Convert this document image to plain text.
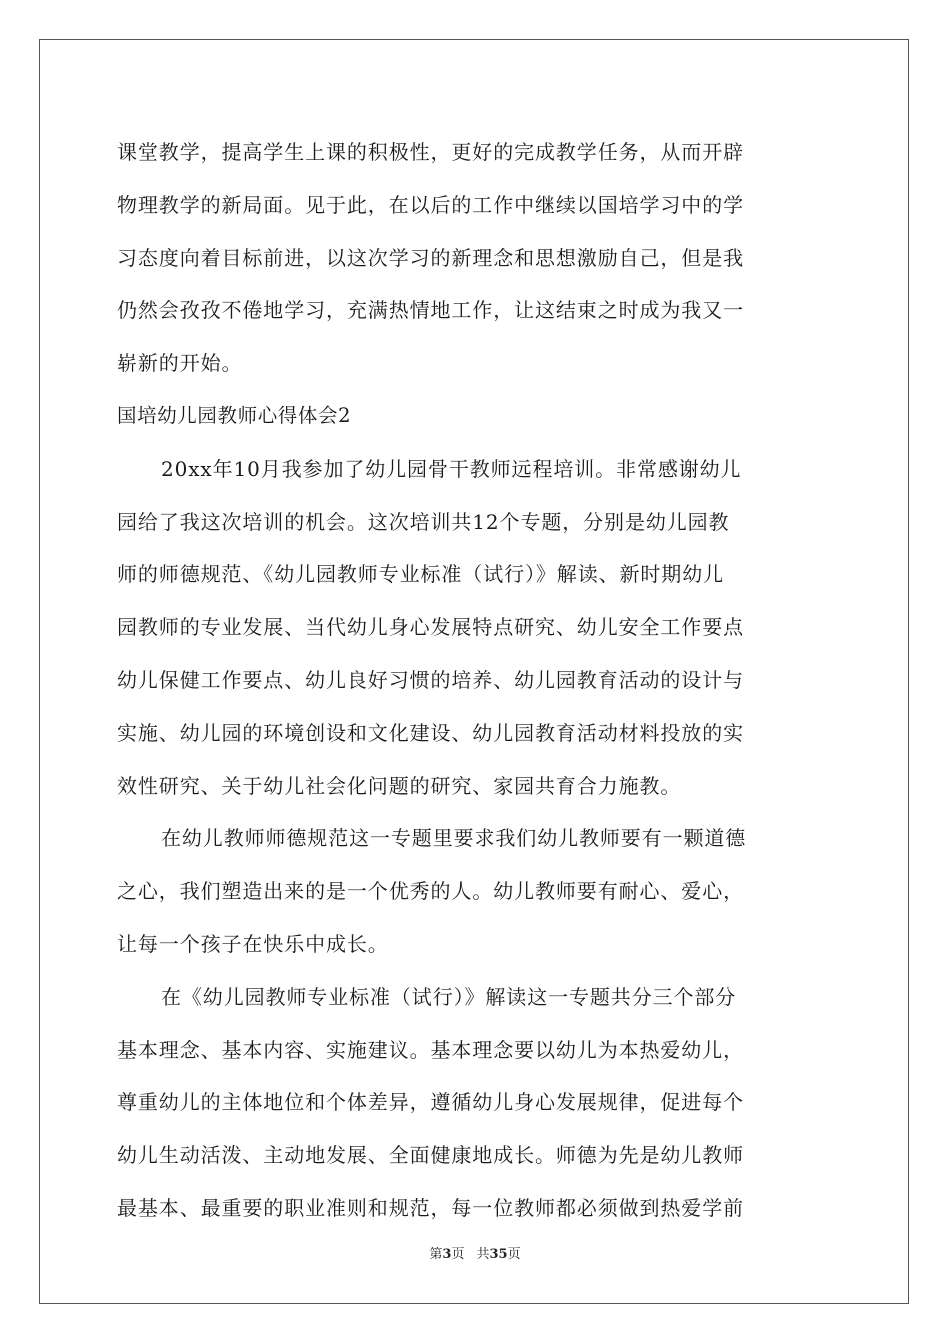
课堂教学，提高学生上课的积极性，更好的完成教学任务，从而开辟
物理教学的新局面。见于此，在以后的工作中继续以国培学习中的学
习态度向着目标前进，以这次学习的新理念和思想激励自己，但是我
仍然会孜孜不倦地学习，充满热情地工作，让这结束之时成为我又一
崭新的开始。
国培幼儿园教师心得体会2
20xx年10月我参加了幼儿园骨干教师远程培训。非常感谢幼儿
园给了我这次培训的机会。这次培训共12个专题，分别是幼儿园教
师的师德规范、《幼儿园教师专业标准（试行）》解读、新时期幼儿
园教师的专业发展、当代幼儿身心发展特点研究、幼儿安全工作要点
幼儿保健工作要点、幼儿良好习惯的培养、幼儿园教育活动的设计与
实施、幼儿园的环境创设和文化建设、幼儿园教育活动材料投放的实
效性研究、关于幼儿社会化问题的研究、家园共育合力施教。
在幼儿教师师德规范这一专题里要求我们幼儿教师要有一颗道德
之心，我们塑造出来的是一个优秀的人。幼儿教师要有耐心、爱心，
让每一个孩子在快乐中成长。
在《幼儿园教师专业标准（试行）》解读这一专题共分三个部分
基本理念、基本内容、实施建议。基本理念要以幼儿为本热爱幼儿，
尊重幼儿的主体地位和个体差异，遵循幼儿身心发展规律，促进每个
幼儿生动活泼、主动地发展、全面健康地成长。师德为先是幼儿教师
最基本、最重要的职业准则和规范，每一位教师都必须做到热爱学前
第3页 共35页
